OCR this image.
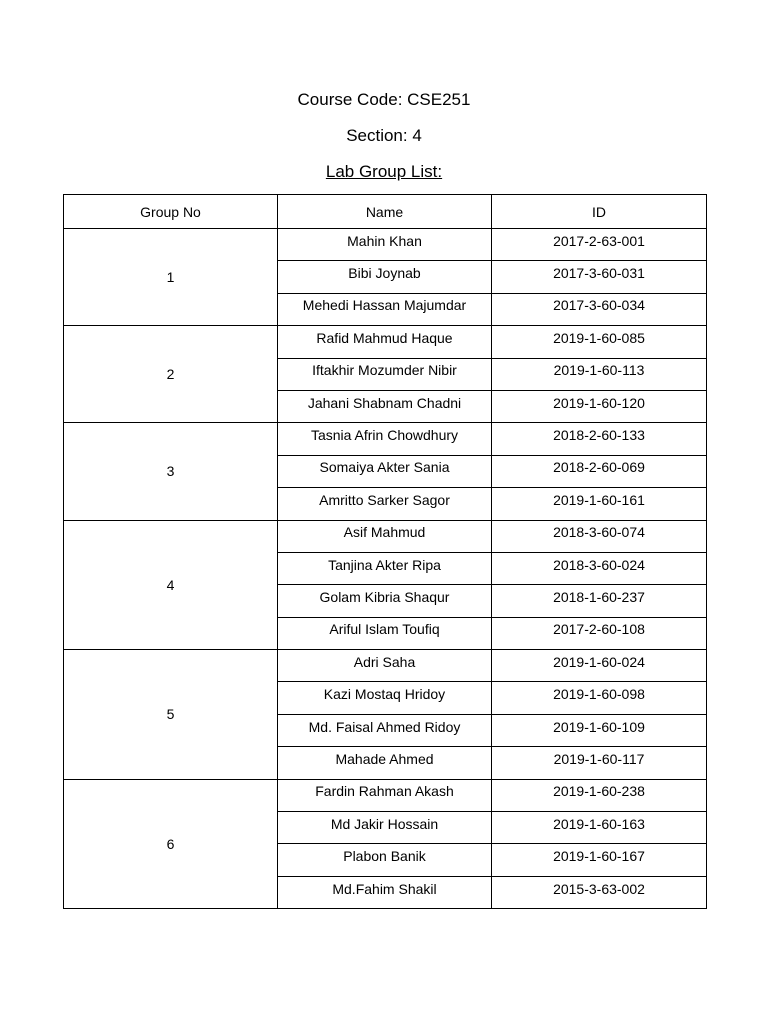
Course Code: CSE251
Section: 4
Lab Group List:
Group No	Name	ID
1	Mahin Khan	2017-2-63-001
	Bibi Joynab	2017-3-60-031
	Mehedi Hassan Majumdar	2017-3-60-034
2	Rafid Mahmud Haque	2019-1-60-085
	Iftakhir Mozumder Nibir	2019-1-60-113
	Jahani Shabnam Chadni	2019-1-60-120
3	Tasnia Afrin Chowdhury	2018-2-60-133
	Somaiya Akter Sania	2018-2-60-069
	Amritto Sarker Sagor	2019-1-60-161
4	Asif Mahmud	2018-3-60-074
	Tanjina Akter Ripa	2018-3-60-024
	Golam Kibria Shaqur	2018-1-60-237
	Ariful Islam Toufiq	2017-2-60-108
5	Adri Saha	2019-1-60-024
	Kazi Mostaq Hridoy	2019-1-60-098
	Md. Faisal Ahmed Ridoy	2019-1-60-109
	Mahade Ahmed	2019-1-60-117
6	Fardin Rahman Akash	2019-1-60-238
	Md Jakir Hossain	2019-1-60-163
	Plabon Banik	2019-1-60-167
	Md.Fahim Shakil	2015-3-63-002
